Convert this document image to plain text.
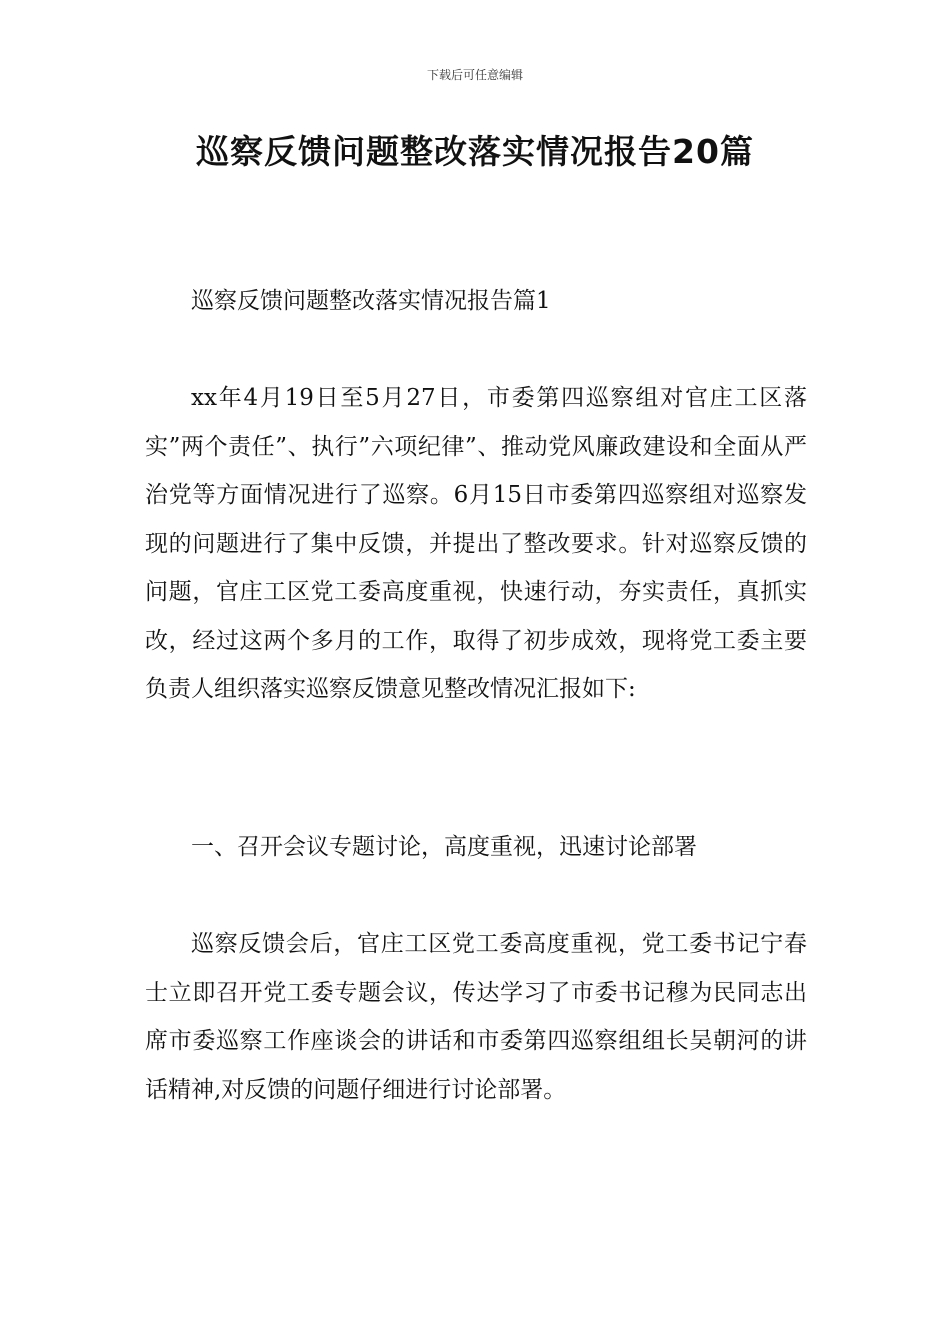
下载后可任意编辑
巡察反馈问题整改落实情况报告20篇

巡察反馈问题整改落实情况报告篇1

xx年4月19日至5月27日，市委第四巡察组对官庄工区落实”两个责任”、执行”六项纪律”、推动党风廉政建设和全面从严治党等方面情况进行了巡察。6月15日市委第四巡察组对巡察发现的问题进行了集中反馈，并提出了整改要求。针对巡察反馈的问题，官庄工区党工委高度重视，快速行动，夯实责任，真抓实改，经过这两个多月的工作，取得了初步成效，现将党工委主要负责人组织落实巡察反馈意见整改情况汇报如下:

一、召开会议专题讨论，高度重视，迅速讨论部署

巡察反馈会后，官庄工区党工委高度重视，党工委书记宁春士立即召开党工委专题会议，传达学习了市委书记穆为民同志出席市委巡察工作座谈会的讲话和市委第四巡察组组长吴朝河的讲话精神,对反馈的问题仔细进行讨论部署。
